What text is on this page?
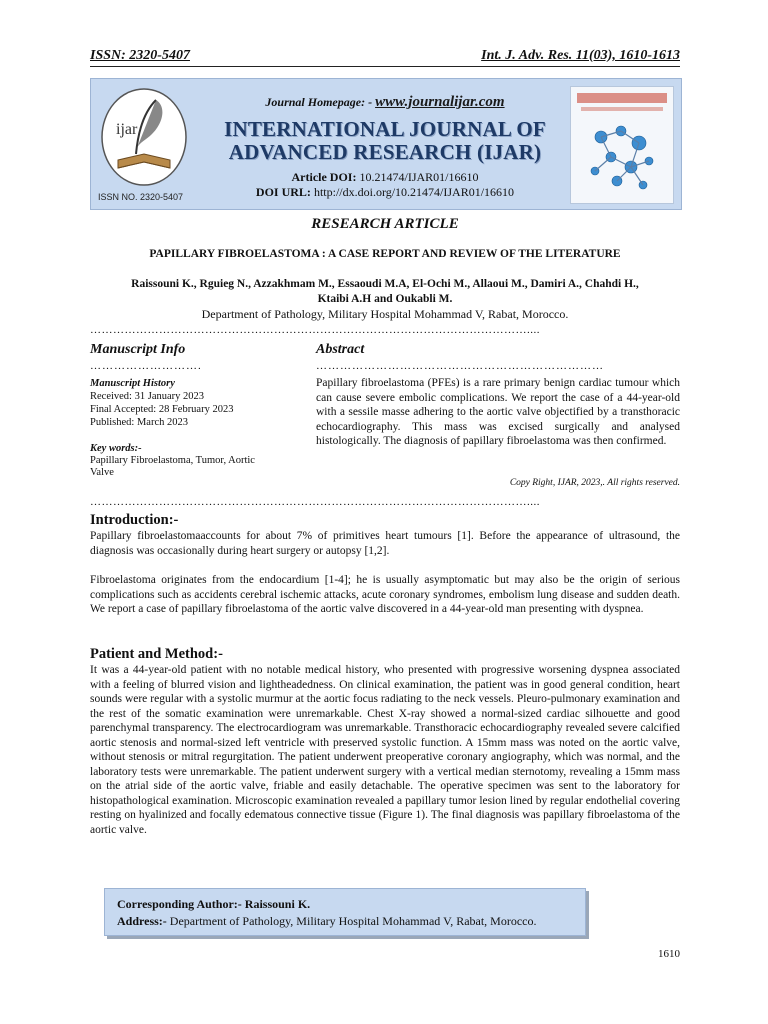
ISSN: 2320-5407	Int. J. Adv. Res. 11(03), 1610-1613
ijar
ISSN NO. 2320-5407
Journal Homepage: - www.journalijar.com
INTERNATIONAL JOURNAL OF
ADVANCED RESEARCH (IJAR)
Article DOI: 10.21474/IJAR01/16610
DOI URL: http://dx.doi.org/10.21474/IJAR01/16610
RESEARCH ARTICLE
PAPILLARY FIBROELASTOMA : A CASE REPORT AND REVIEW OF THE LITERATURE
Raissouni K., Rguieg N., Azzakhmam M., Essaoudi M.A, El-Ochi M., Allaoui M., Damiri A., Chahdi H.,
Ktaibi A.H and Oukabli M.
Department of Pathology, Military Hospital Mohammad V, Rabat, Morocco.
……………………………………………………………………………………………………....
Manuscript Info	Abstract
……………………….	………………………………………………………………
Manuscript History
Received: 31 January 2023
Final Accepted: 28 February 2023
Published: March 2023
Key words:-
Papillary Fibroelastoma, Tumor, Aortic Valve
Papillary fibroelastoma (PFEs) is a rare primary benign cardiac tumour which can cause severe embolic complications. We report the case of a 44-year-old with a sessile masse adhering to the aortic valve objectified by a transthoracic echocardiography. This mass was excised surgically and analysed histologically. The diagnosis of papillary fibroelastoma was then confirmed.
Copy Right, IJAR, 2023,. All rights reserved.
……………………………………………………………………………………………………....
Introduction:-
Papillary fibroelastomaaccounts for about 7% of primitives heart tumours [1]. Before the appearance of ultrasound, the diagnosis was occasionally during heart surgery or autopsy [1,2].
Fibroelastoma originates from the endocardium [1-4]; he is usually asymptomatic but may also be the origin of serious complications such as accidents cerebral ischemic attacks, acute coronary syndromes, embolism lung disease and sudden death. We report a case of papillary fibroelastoma of the aortic valve discovered in a 44-year-old man presenting with dyspnea.
Patient and Method:-
It was a 44-year-old patient with no notable medical history, who presented with progressive worsening dyspnea associated with a feeling of blurred vision and lightheadedness. On clinical examination, the patient was in good general condition, heart sounds were regular with a systolic murmur at the aortic focus radiating to the neck vessels. Pleuro-pulmonary examination and the rest of the somatic examination were unremarkable. Chest X-ray showed a normal-sized cardiac silhouette and good parenchymal transparency. The electrocardiogram was unremarkable. Transthoracic echocardiography revealed severe calcified aortic stenosis and normal-sized left ventricle with preserved systolic function. A 15mm mass was noted on the aortic valve, without stenosis or mitral regurgitation. The patient underwent preoperative coronary angiography, which was normal, and the laboratory tests were unremarkable. The patient underwent surgery with a vertical median sternotomy, revealing a 15mm mass on the atrial side of the aortic valve, friable and easily detachable. The operative specimen was sent to the laboratory for histopathological examination. Microscopic examination revealed a papillary tumor lesion lined by regular endothelial covering resting on hyalinized and focally edematous connective tissue (Figure 1). The final diagnosis was papillary fibroelastoma of the aortic valve.
Corresponding Author:- Raissouni K.
Address:- Department of Pathology, Military Hospital Mohammad V, Rabat, Morocco.
1610
